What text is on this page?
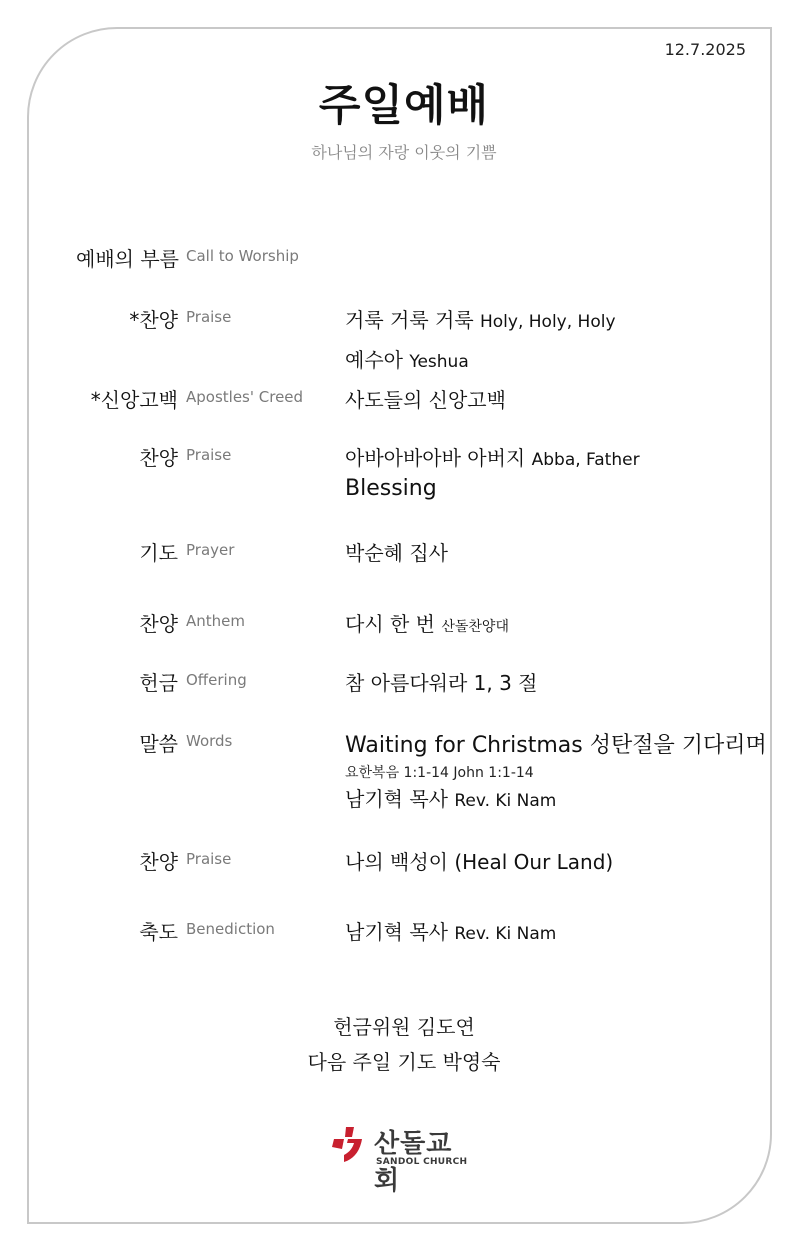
12.7.2025
주일예배
하나님의 자랑 이웃의 기쁨
예배의 부름 Call to Worship
*찬양 Praise	거룩 거룩 거룩 Holy, Holy, Holy
예수아 Yeshua
*신앙고백 Apostles' Creed 사도들의 신앙고백
찬양 Praise	아바아바아바 아버지 Abba, Father
Blessing
기도 Prayer	박순혜 집사
찬양 Anthem	다시 한 번 산돌찬양대
헌금 Offering	참 아름다워라 1, 3 절
말씀 Words	Waiting for Christmas 성탄절을 기다리며
요한복음 1:1-14 John 1:1-14
남기혁 목사 Rev. Ki Nam
찬양 Praise	나의 백성이 (Heal Our Land)
축도 Benediction	남기혁 목사 Rev. Ki Nam
헌금위원 김도연
다음 주일 기도 박영숙
산돌교회
SANDOL CHURCH
